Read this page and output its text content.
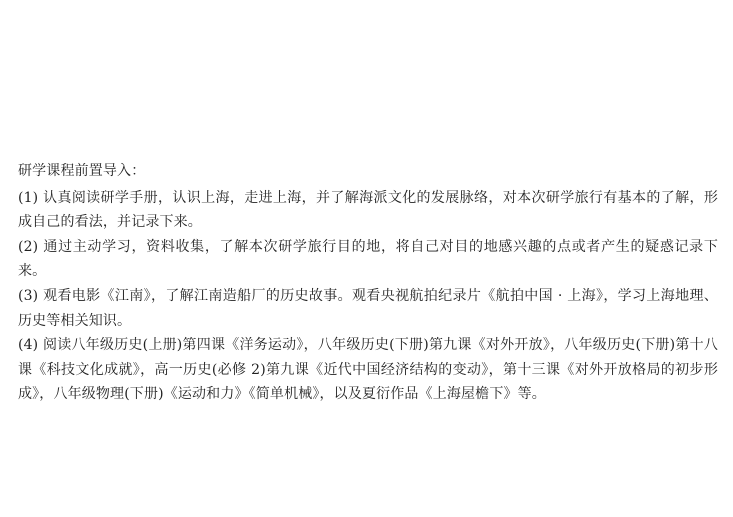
研学课程前置导入：

(1) 认真阅读研学手册，认识上海，走进上海，并了解海派文化的发展脉络，对本次研学旅行有基本的了解，形成自己的看法，并记录下来。

(2) 通过主动学习，资料收集，了解本次研学旅行目的地，将自己对目的地感兴趣的点或者产生的疑惑记录下来。

(3) 观看电影《江南》，了解江南造船厂的历史故事。观看央视航拍纪录片《航拍中国 · 上海》，学习上海地理、历史等相关知识。

(4) 阅读八年级历史(上册)第四课《洋务运动》，八年级历史(下册)第九课《对外开放》，八年级历史(下册)第十八课《科技文化成就》，高一历史(必修 2)第九课《近代中国经济结构的变动》，第十三课《对外开放格局的初步形成》，八年级物理(下册)《运动和力》《简单机械》，以及夏衍作品《上海屋檐下》等。
